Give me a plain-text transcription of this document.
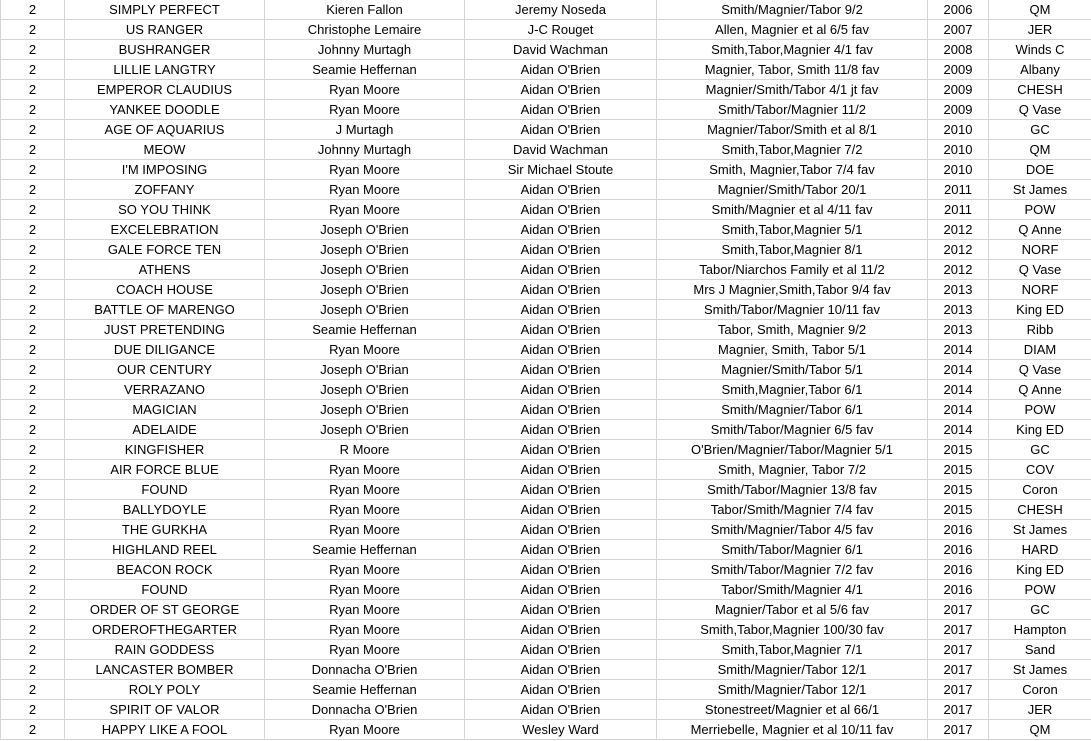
2	SIMPLY PERFECT	Kieren Fallon	Jeremy Noseda	Smith/Magnier/Tabor 9/2	2006	QM
2	US RANGER	Christophe Lemaire	J-C Rouget	Allen, Magnier et al 6/5 fav	2007	JER
2	BUSHRANGER	Johnny Murtagh	David Wachman	Smith,Tabor,Magnier 4/1 fav	2008	Winds C
2	LILLIE LANGTRY	Seamie Heffernan	Aidan O'Brien	Magnier, Tabor, Smith 11/8 fav	2009	Albany
2	EMPEROR CLAUDIUS	Ryan Moore	Aidan O'Brien	Magnier/Smith/Tabor 4/1 jt fav	2009	CHESH
2	YANKEE DOODLE	Ryan Moore	Aidan O'Brien	Smith/Tabor/Magnier 11/2	2009	Q Vase
2	AGE OF AQUARIUS	J Murtagh	Aidan O'Brien	Magnier/Tabor/Smith et al 8/1	2010	GC
2	MEOW	Johnny Murtagh	David Wachman	Smith,Tabor,Magnier 7/2	2010	QM
2	I'M IMPOSING	Ryan Moore	Sir Michael Stoute	Smith, Magnier,Tabor 7/4 fav	2010	DOE
2	ZOFFANY	Ryan Moore	Aidan O'Brien	Magnier/Smith/Tabor 20/1	2011	St James
2	SO YOU THINK	Ryan Moore	Aidan O'Brien	Smith/Magnier et al 4/11 fav	2011	POW
2	EXCELEBRATION	Joseph O'Brien	Aidan O'Brien	Smith,Tabor,Magnier 5/1	2012	Q Anne
2	GALE FORCE TEN	Joseph O'Brien	Aidan O'Brien	Smith,Tabor,Magnier 8/1	2012	NORF
2	ATHENS	Joseph O'Brien	Aidan O'Brien	Tabor/Niarchos Family et al 11/2	2012	Q Vase
2	COACH HOUSE	Joseph O'Brien	Aidan O'Brien	Mrs J Magnier,Smith,Tabor 9/4 fav	2013	NORF
2	BATTLE OF MARENGO	Joseph O'Brien	Aidan O'Brien	Smith/Tabor/Magnier 10/11 fav	2013	King ED
2	JUST PRETENDING	Seamie Heffernan	Aidan O'Brien	Tabor, Smith, Magnier 9/2	2013	Ribb
2	DUE DILIGANCE	Ryan Moore	Aidan O'Brien	Magnier, Smith, Tabor 5/1	2014	DIAM
2	OUR CENTURY	Joseph O'Brian	Aidan O'Brien	Magnier/Smith/Tabor 5/1	2014	Q Vase
2	VERRAZANO	Joseph O'Brien	Aidan O'Brien	Smith,Magnier,Tabor 6/1	2014	Q Anne
2	MAGICIAN	Joseph O'Brien	Aidan O'Brien	Smith/Magnier/Tabor 6/1	2014	POW
2	ADELAIDE	Joseph O'Brien	Aidan O'Brien	Smith/Tabor/Magnier 6/5 fav	2014	King ED
2	KINGFISHER	R Moore	Aidan O'Brien	O'Brien/Magnier/Tabor/Magnier 5/1	2015	GC
2	AIR FORCE BLUE	Ryan Moore	Aidan O'Brien	Smith, Magnier, Tabor 7/2	2015	COV
2	FOUND	Ryan Moore	Aidan O'Brien	Smith/Tabor/Magnier 13/8 fav	2015	Coron
2	BALLYDOYLE	Ryan Moore	Aidan O'Brien	Tabor/Smith/Magnier 7/4 fav	2015	CHESH
2	THE GURKHA	Ryan Moore	Aidan O'Brien	Smith/Magnier/Tabor 4/5 fav	2016	St James
2	HIGHLAND REEL	Seamie Heffernan	Aidan O'Brien	Smith/Tabor/Magnier 6/1	2016	HARD
2	BEACON ROCK	Ryan Moore	Aidan O'Brien	Smith/Tabor/Magnier 7/2 fav	2016	King ED
2	FOUND	Ryan Moore	Aidan O'Brien	Tabor/Smith/Magnier 4/1	2016	POW
2	ORDER OF ST GEORGE	Ryan Moore	Aidan O'Brien	Magnier/Tabor et al 5/6 fav	2017	GC
2	ORDEROFTHEGARTER	Ryan Moore	Aidan O'Brien	Smith,Tabor,Magnier 100/30 fav	2017	Hampton
2	RAIN GODDESS	Ryan Moore	Aidan O'Brien	Smith,Tabor,Magnier 7/1	2017	Sand
2	LANCASTER BOMBER	Donnacha O'Brien	Aidan O'Brien	Smith/Magnier/Tabor 12/1	2017	St James
2	ROLY POLY	Seamie Heffernan	Aidan O'Brien	Smith/Magnier/Tabor 12/1	2017	Coron
2	SPIRIT OF VALOR	Donnacha O'Brien	Aidan O'Brien	Stonestreet/Magnier et al 66/1	2017	JER
2	HAPPY LIKE A FOOL	Ryan Moore	Wesley Ward	Merriebelle, Magnier et al 10/11 fav	2017	QM
